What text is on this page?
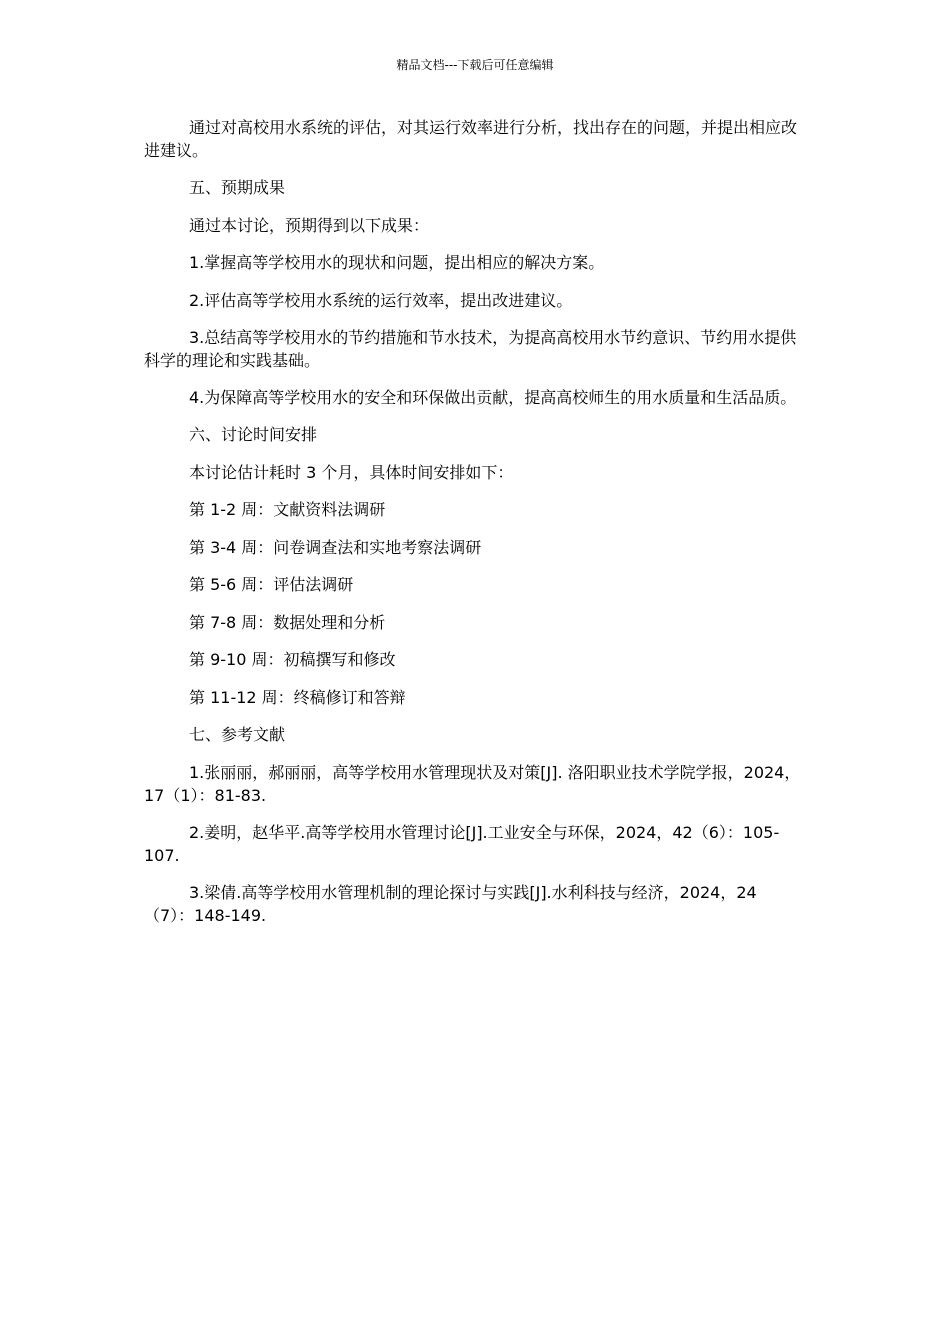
精品文档---下载后可任意编辑

通过对高校用水系统的评估，对其运行效率进行分析，找出存在的问题，并提出相应改进建议。

五、预期成果

通过本讨论，预期得到以下成果：

1.掌握高等学校用水的现状和问题，提出相应的解决方案。

2.评估高等学校用水系统的运行效率，提出改进建议。

3.总结高等学校用水的节约措施和节水技术，为提高高校用水节约意识、节约用水提供科学的理论和实践基础。

4.为保障高等学校用水的安全和环保做出贡献，提高高校师生的用水质量和生活品质。

六、讨论时间安排

本讨论估计耗时 3 个月，具体时间安排如下：

第 1-2 周：文献资料法调研

第 3-4 周：问卷调查法和实地考察法调研

第 5-6 周：评估法调研

第 7-8 周：数据处理和分析

第 9-10 周：初稿撰写和修改

第 11-12 周：终稿修订和答辩

七、参考文献

1.张丽丽，郝丽丽，高等学校用水管理现状及对策[J]. 洛阳职业技术学院学报，2024，17（1）：81-83.

2.姜明，赵华平.高等学校用水管理讨论[J].工业安全与环保，2024，42（6）：105-107.

3.梁倩.高等学校用水管理机制的理论探讨与实践[J].水利科技与经济，2024，24（7）：148-149.
